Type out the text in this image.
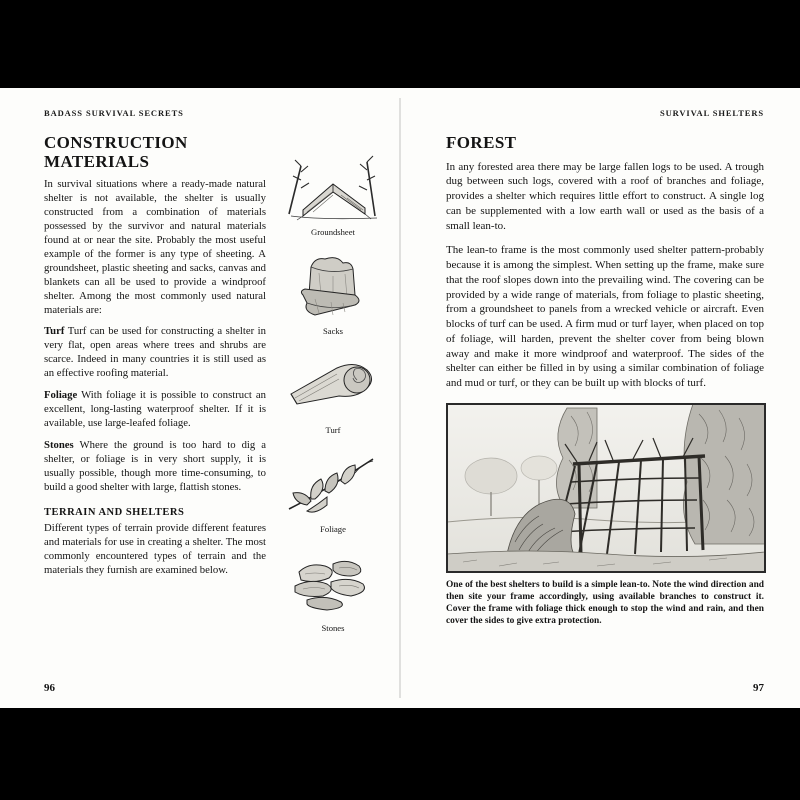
BADASS SURVIVAL SECRETS
CONSTRUCTION MATERIALS

In survival situations where a ready-made natural shelter is not available, the shelter is usually constructed from a combination of materials possessed by the survivor and natural materials found at or near the site. Probably the most useful example of the former is any type of sheeting. A groundsheet, plastic sheeting and sacks, canvas and blankets can all be used to provide a windproof shelter. Among the most commonly used natural materials are:

Turf Turf can be used for constructing a shelter in very flat, open areas where trees and shrubs are scarce. Indeed in many countries it is still used as an effective roofing material.

Foliage With foliage it is possible to construct an excellent, long-lasting waterproof shelter. If it is available, use large-leafed foliage.

Stones Where the ground is too hard to dig a shelter, or foliage is in very short supply, it is usually possible, though more time-consuming, to build a good shelter with large, flattish stones.

TERRAIN AND SHELTERS

Different types of terrain provide different features and materials for use in creating a shelter. The most commonly encountered types of terrain and the materials they furnish are examined below.

Groundsheet
Sacks
Turf
Foliage
Stones
96
SURVIVAL SHELTERS
FOREST

In any forested area there may be large fallen logs to be used. A trough dug between such logs, covered with a roof of branches and foliage, provides a shelter which requires little effort to construct. A single log can be supplemented with a low earth wall or used as the basis of a small lean-to.

The lean-to frame is the most commonly used shelter pattern-probably because it is among the simplest. When setting up the frame, make sure that the roof slopes down into the prevailing wind. The covering can be provided by a wide range of materials, from foliage to plastic sheeting, from a groundsheet to panels from a wrecked vehicle or aircraft. Even blocks of turf can be used. A firm mud or turf layer, when placed on top of foliage, will harden, prevent the shelter cover from being blown away and make it more windproof and waterproof. The sides of the shelter can either be filled in by using a similar combination of foliage and mud or turf, or they can be built up with blocks of turf.

One of the best shelters to build is a simple lean-to. Note the wind direction and then site your frame accordingly, using available branches to construct it. Cover the frame with foliage thick enough to stop the wind and rain, and then cover the sides to give extra protection.
97
